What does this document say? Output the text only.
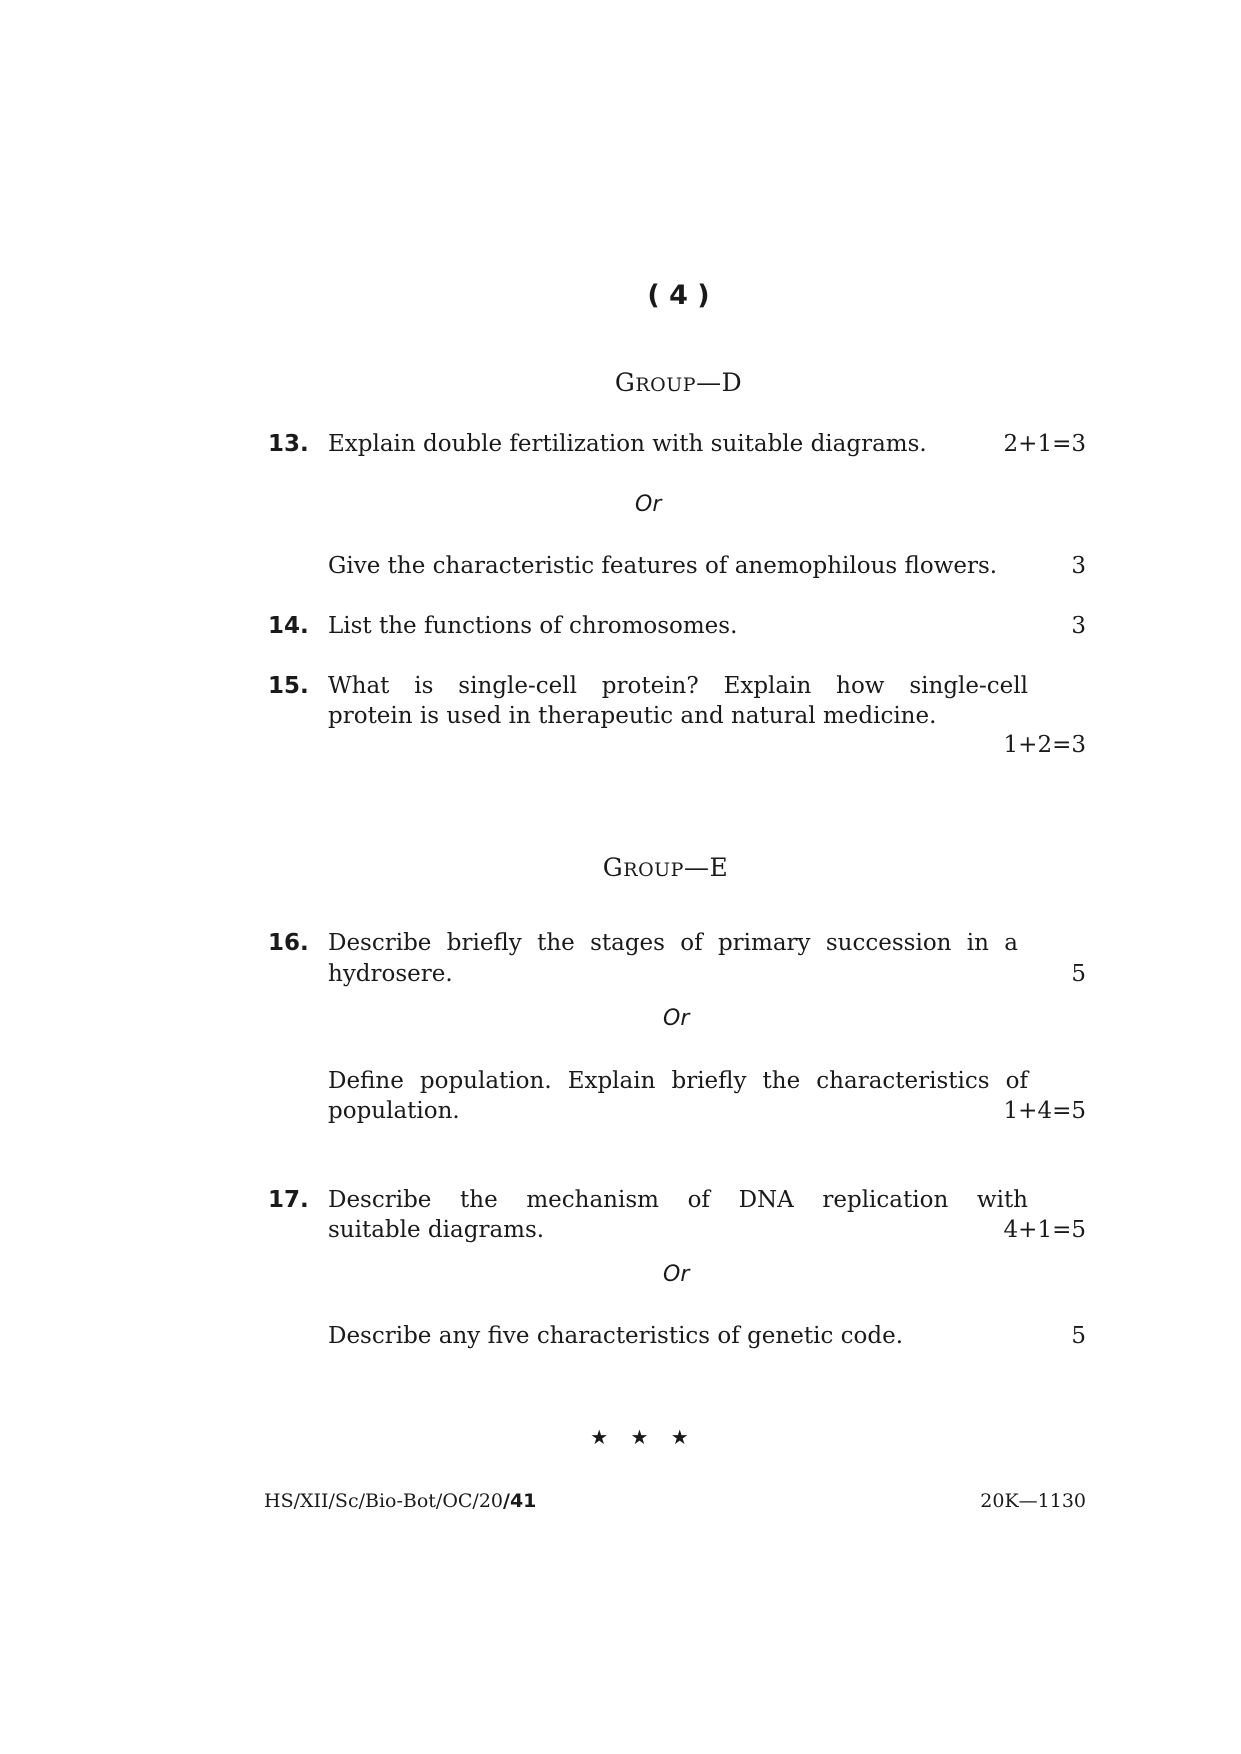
( 4 )
GROUP—D
13. Explain double fertilization with suitable diagrams.	2+1=3
Or
Give the characteristic features of anemophilous flowers.	3
14. List the functions of chromosomes.	3
15. What is single-cell protein? Explain how single-cell
protein is used in therapeutic and natural medicine.
1+2=3
GROUP—E
16. Describe briefly the stages of primary succession in a
hydrosere.	5
Or
Define population. Explain briefly the characteristics of
population.	1+4=5
17. Describe the mechanism of DNA replication with
suitable diagrams.	4+1=5
Or
Describe any five characteristics of genetic code.	5
★ ★ ★
HS/XII/Sc/Bio-Bot/OC/20/41	20K—1130
